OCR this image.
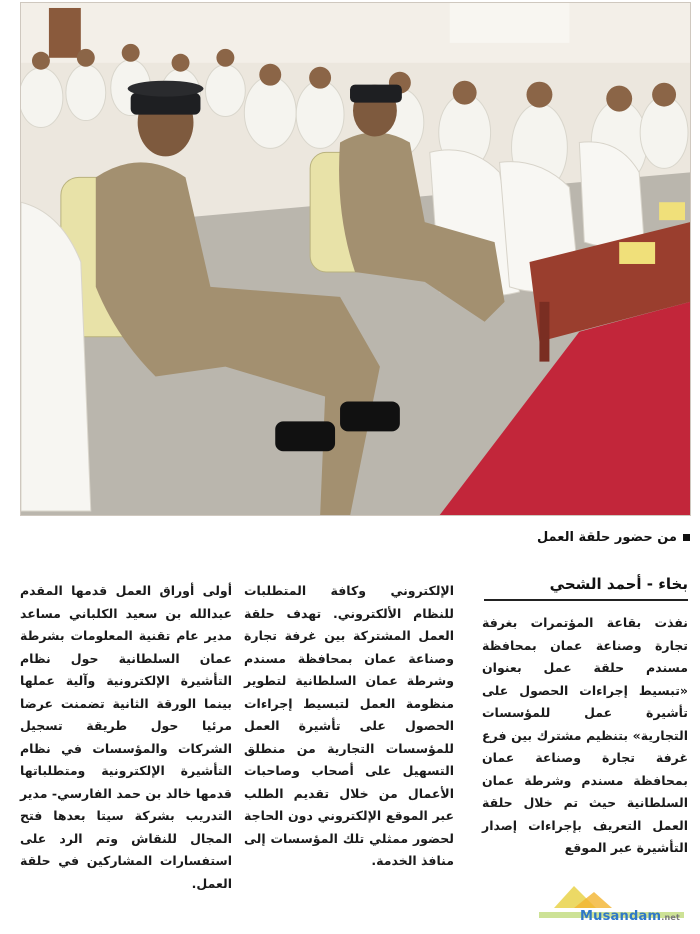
من حضور حلقة العمل
بخاء - أحمد الشحي
نفذت بقاعة المؤتمرات بغرفة تجارة وصناعة عمان بمحافظة مسندم حلقة عمل بعنوان «تبسيط إجراءات الحصول على تأشيرة عمل للمؤسسات التجارية» بتنظيم مشترك بين فرع غرفة تجارة وصناعة عمان بمحافظة مسندم وشرطة عمان السلطانية حيث تم خلال حلقة العمل التعريف بإجراءات إصدار التأشيرة عبر الموقع
الإلكتروني وكافة المتطلبات للنظام الألكتروني. تهدف حلقة العمل المشتركة بين غرفة تجارة وصناعة عمان بمحافظة مسندم وشرطة عمان السلطانية لتطوير منظومة العمل لتبسيط إجراءات الحصول على تأشيرة العمل للمؤسسات التجارية من منطلق التسهيل على أصحاب وصاحبات الأعمال من خلال تقديم الطلب عبر الموقع الإلكتروني دون الحاجة لحضور ممثلي تلك المؤسسات إلى منافذ الخدمة.
أولى أوراق العمل قدمها المقدم عبدالله بن سعيد الكلباني مساعد مدير عام تقنية المعلومات بشرطة عمان السلطانية حول نظام التأشيرة الإلكترونية وآلية عملها بينما الورقة الثانية تضمنت عرضا مرئيا حول طريقة تسجيل الشركات والمؤسسات في نظام التأشيرة الإلكترونية ومتطلباتها قدمها خالد بن حمد الفارسي- مدير التدريب بشركة سيتا بعدها فتح المجال للنقاش وتم الرد على استفسارات المشاركين في حلقة العمل.
Musandam.net
